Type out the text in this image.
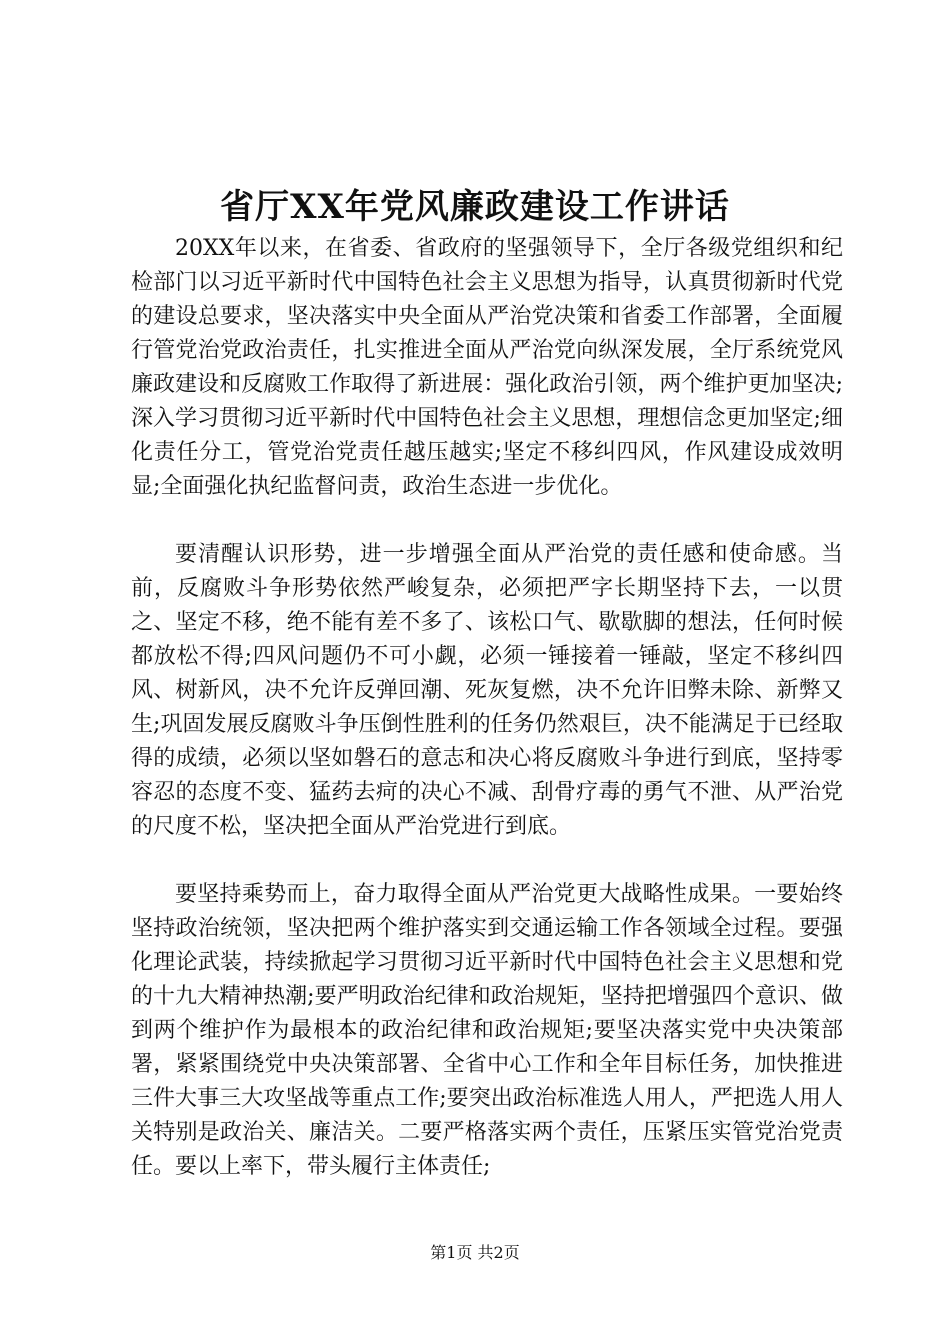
省厅XX年党风廉政建设工作讲话

20XX年以来，在省委、省政府的坚强领导下，全厅各级党组织和纪检部门以习近平新时代中国特色社会主义思想为指导，认真贯彻新时代党的建设总要求，坚决落实中央全面从严治党决策和省委工作部署，全面履行管党治党政治责任，扎实推进全面从严治党向纵深发展，全厅系统党风廉政建设和反腐败工作取得了新进展：强化政治引领，两个维护更加坚决;深入学习贯彻习近平新时代中国特色社会主义思想，理想信念更加坚定;细化责任分工，管党治党责任越压越实;坚定不移纠四风，作风建设成效明显;全面强化执纪监督问责，政治生态进一步优化。

要清醒认识形势，进一步增强全面从严治党的责任感和使命感。当前，反腐败斗争形势依然严峻复杂，必须把严字长期坚持下去，一以贯之、坚定不移，绝不能有差不多了、该松口气、歇歇脚的想法，任何时候都放松不得;四风问题仍不可小觑，必须一锤接着一锤敲，坚定不移纠四风、树新风，决不允许反弹回潮、死灰复燃，决不允许旧弊未除、新弊又生;巩固发展反腐败斗争压倒性胜利的任务仍然艰巨，决不能满足于已经取得的成绩，必须以坚如磐石的意志和决心将反腐败斗争进行到底，坚持零容忍的态度不变、猛药去疴的决心不减、刮骨疗毒的勇气不泄、从严治党的尺度不松，坚决把全面从严治党进行到底。

要坚持乘势而上，奋力取得全面从严治党更大战略性成果。一要始终坚持政治统领，坚决把两个维护落实到交通运输工作各领域全过程。要强化理论武装，持续掀起学习贯彻习近平新时代中国特色社会主义思想和党的十九大精神热潮;要严明政治纪律和政治规矩，坚持把增强四个意识、做到两个维护作为最根本的政治纪律和政治规矩;要坚决落实党中央决策部署，紧紧围绕党中央决策部署、全省中心工作和全年目标任务，加快推进三件大事三大攻坚战等重点工作;要突出政治标准选人用人，严把选人用人关特别是政治关、廉洁关。二要严格落实两个责任，压紧压实管党治党责任。要以上率下，带头履行主体责任;

第1页 共2页
